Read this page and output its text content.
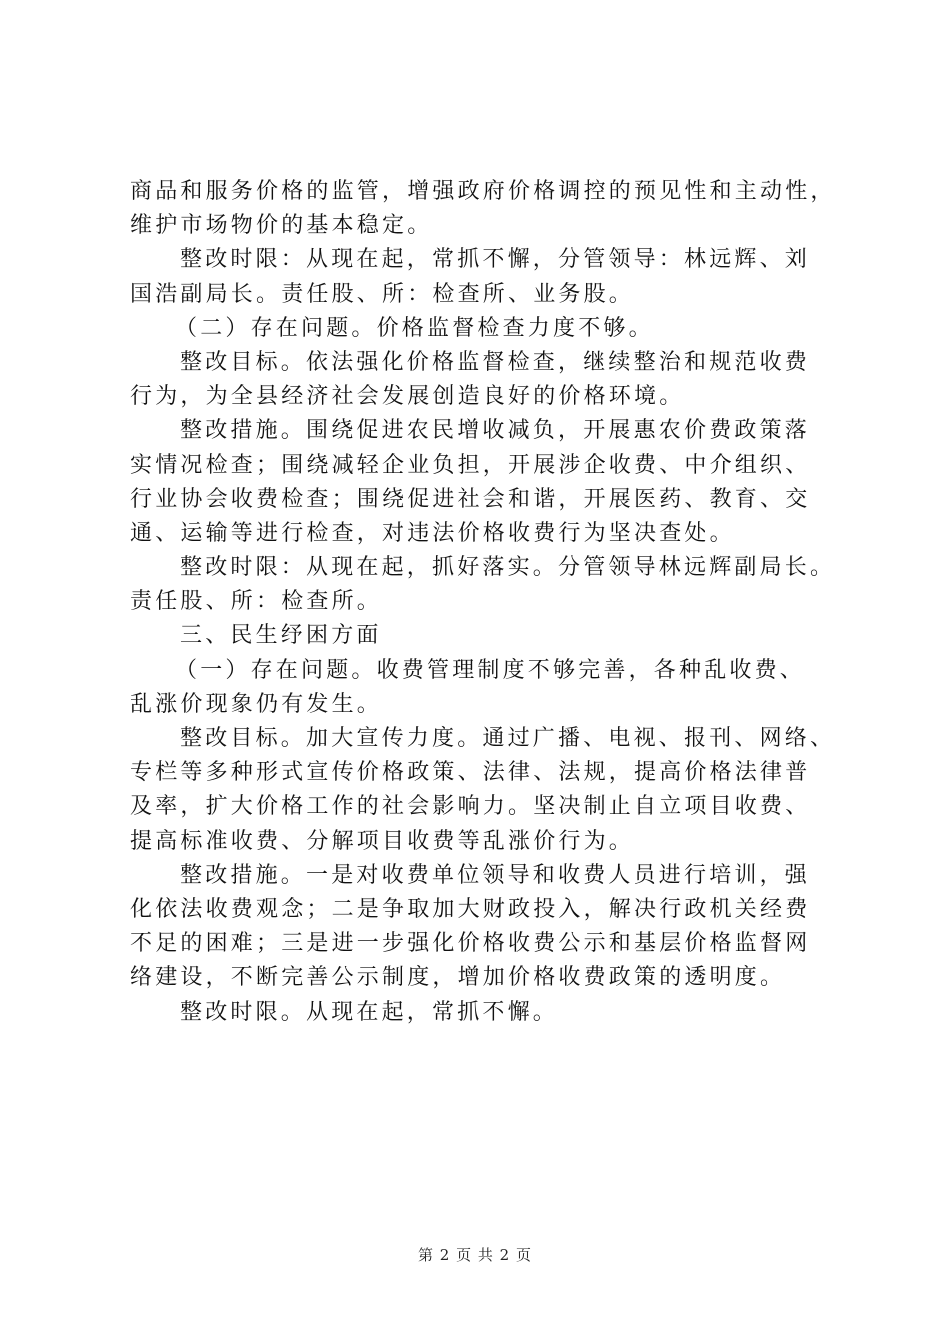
商品和服务价格的监管，增强政府价格调控的预见性和主动性，
维护市场物价的基本稳定。
整改时限：从现在起，常抓不懈，分管领导：林远辉、刘
国浩副局长。责任股、所：检查所、业务股。
（二）存在问题。价格监督检查力度不够。
整改目标。依法强化价格监督检查，继续整治和规范收费
行为，为全县经济社会发展创造良好的价格环境。
整改措施。围绕促进农民增收减负，开展惠农价费政策落
实情况检查；围绕减轻企业负担，开展涉企收费、中介组织、
行业协会收费检查；围绕促进社会和谐，开展医药、教育、交
通、运输等进行检查，对违法价格收费行为坚决查处。
整改时限：从现在起，抓好落实。分管领导林远辉副局长。
责任股、所：检查所。
三、民生纾困方面
（一）存在问题。收费管理制度不够完善，各种乱收费、
乱涨价现象仍有发生。
整改目标。加大宣传力度。通过广播、电视、报刊、网络、
专栏等多种形式宣传价格政策、法律、法规，提高价格法律普
及率，扩大价格工作的社会影响力。坚决制止自立项目收费、
提高标准收费、分解项目收费等乱涨价行为。
整改措施。一是对收费单位领导和收费人员进行培训，强
化依法收费观念；二是争取加大财政投入，解决行政机关经费
不足的困难；三是进一步强化价格收费公示和基层价格监督网
络建设，不断完善公示制度，增加价格收费政策的透明度。
整改时限。从现在起，常抓不懈。
第 2 页 共 2 页
